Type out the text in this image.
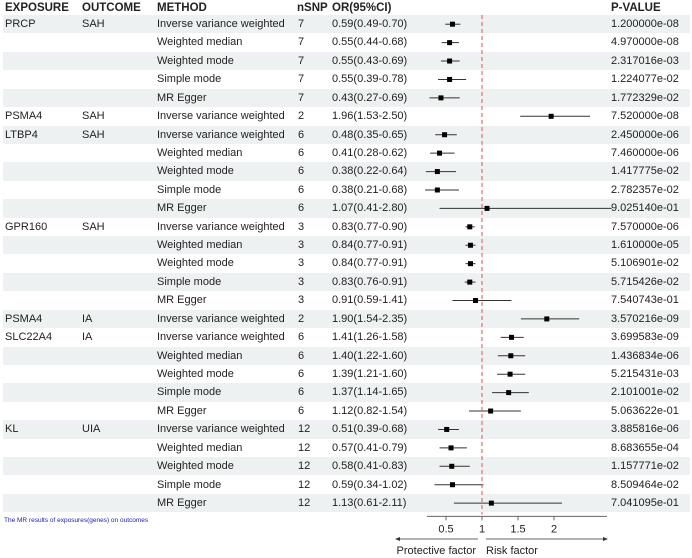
PRCP	SAH	Inverse variance weighted 7	0.59(0.49-0.70)	1.200000e-08
Weighted median	7	0.55(0.44-0.68)	4.970000e-08
Weighted mode	7	0.55(0.43-0.69)	2.317016e-03
Simple mode	7	0.55(0.39-0.78)	1.224077e-02
MR Egger	7	0.43(0.27-0.69)	1.772329e-02
PSMA4	SAH	Inverse variance weighted 2	1.96(1.53-2.50)	7.520000e-08
LTBP4	SAH	Inverse variance weighted 6	0.48(0.35-0.65)	2.450000e-06
Weighted median	6	0.41(0.28-0.62)	7.460000e-06
Weighted mode	6	0.38(0.22-0.64)	1.417775e-02
Simple mode	6	0.38(0.21-0.68)	2.782357e-02
MR Egger	6	1.07(0.41-2.80)	9.025140e-01
GPR160	SAH	Inverse variance weighted 3	0.83(0.77-0.90)	7.570000e-06
Weighted median	3	0.84(0.77-0.91)	1.610000e-05
Weighted mode	3	0.84(0.77-0.91)	5.106901e-02
Simple mode	3	0.83(0.76-0.91)	5.715426e-02
MR Egger	3	0.91(0.59-1.41)	7.540743e-01
PSMA4	IA	Inverse variance weighted 2	1.90(1.54-2.35)	3.570216e-09
SLC22A4	IA	Inverse variance weighted 6	1.41(1.26-1.58)	3.699583e-09
Weighted median	6	1.40(1.22-1.60)	1.436834e-06
Weighted mode	6	1.39(1.21-1.60)	5.215431e-03
Simple mode	6	1.37(1.14-1.65)	2.101001e-02
MR Egger	6	1.12(0.82-1.54)	5.063622e-01
KL	UIA	Inverse variance weighted 12 0.51(0.39-0.68)	3.885816e-06
Weighted median	12 0.57(0.41-0.79)	8.683655e-04
Weighted mode	12 0.58(0.41-0.83)	1.157771e-02
Simple mode	12 0.59(0.34-1.02)	8.509464e-02
MR Egger	12 1.13(0.61-2.11)	7.041095e-01
EXPOSURE OUTCOME METHOD	nSNP OR(95%CI)	P-VALUE
0.5 1 1.5 2
The MR results of exposures(genes) on outcomes
Protective factor Risk factor
